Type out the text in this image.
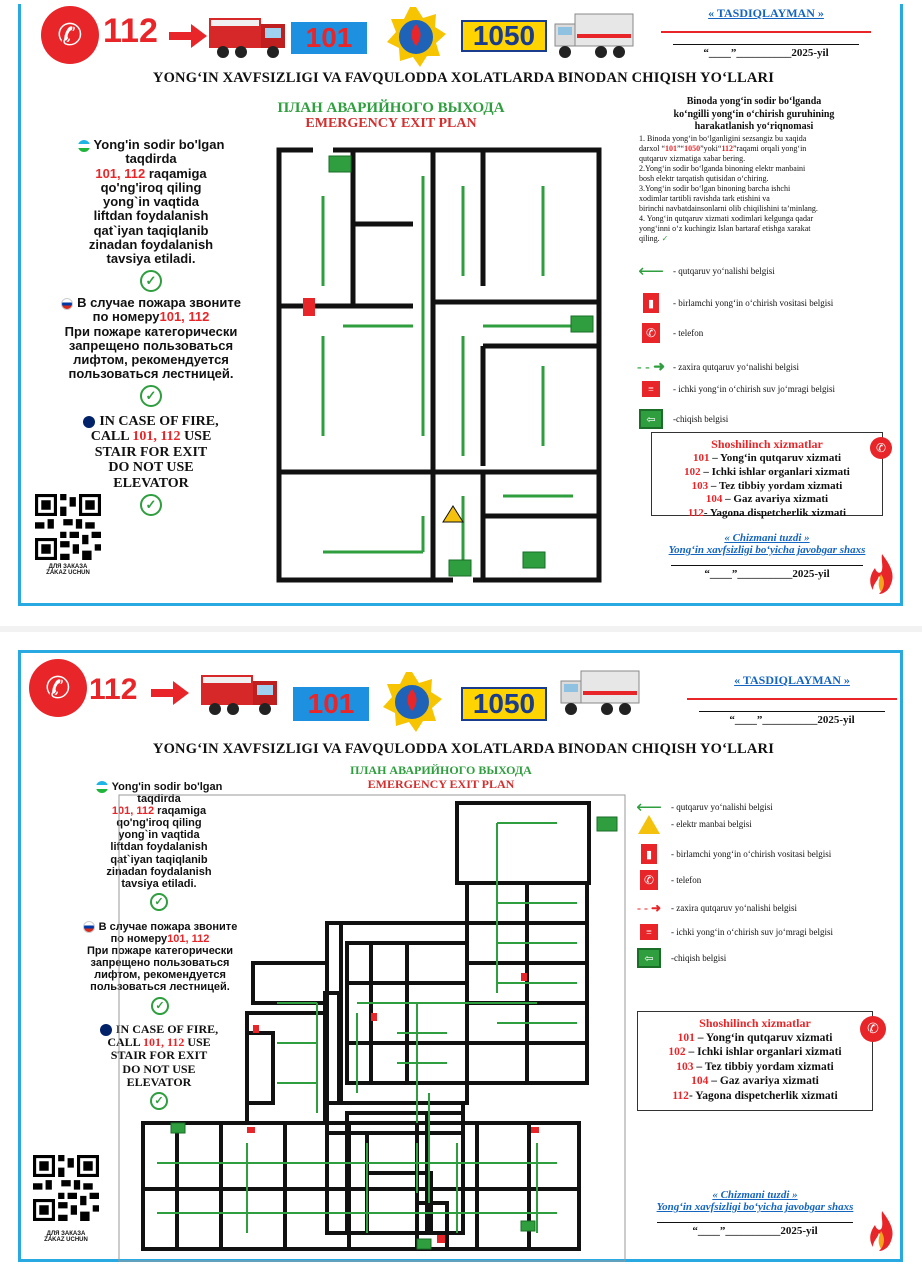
✆ 112	101	1050
« TASDIQLAYMAN »
“____”__________2025-yil
YONG‘IN XAVFSIZLIGI VA FAVQULODDA XOLATLARDA BINODAN CHIQISH YO‘LLARI
ПЛАН АВАРИЙНОГО ВЫХОДА
EMERGENCY EXIT PLAN
Yong'in sodir bo'lgan
taqdirda
101, 112 raqamiga
qo'ng'iroq qiling
yong`in vaqtida
liftdan foydalanish
qat`iyan taqiqlanib
zinadan foydalanish
tavsiya etiladi.
✓
В случае пожара звоните
по номеру101, 112
При пожаре категорически
запрещено пользоваться
лифтом, рекомендуется
пользоваться лестницей.
✓
IN CASE OF FIRE,
CALL 101, 112 USE
STAIR FOR EXIT
DO NOT USE
ELEVATOR
✓
ДЛЯ ЗАКАЗА
ZAKAZ UCHUN
Binoda yong‘in sodir bo‘lganda
ko‘ngilli yong‘in o‘chirish guruhining
harakatlanish yo‘riqnomasi
1. Binoda yong‘in bo‘lganligini sezsangiz bu xaqida
darxol “101”“1050”yoki“112”raqami orqali yong‘in
qutqaruv xizmatiga xabar bering.
2.Yong‘in sodir bo‘lganda binoning elektr manbaini
bosh elektr tarqatish qutisidan o‘chiring.
3.Yong‘in sodir bo‘lgan binoning barcha ishchi
xodimlar tartibli ravishda tark etishini va
birinchi navbatdainsonlarni olib chiqilishini ta’minlang.
4. Yong‘in qutqaruv xizmati xodimlari kelgunga qadar
yong‘inni o‘z kuchingiz Islan bartaraf etishga xarakat
qiling. ✓
⟵ - qutqaruv yo‘nalishi belgisi
▮	- birlamchi yong‘in o‘chirish vositasi belgisi
✆	- telefon
- - ➜ - zaxira qutqaruv yo‘nalishi belgisi
≡	- ichki yong‘in o‘chirish suv jo‘mragi belgisi
⇦	-chiqish belgisi
Shoshilinch xizmatlar
101 – Yong‘in qutqaruv xizmati
102 – Ichki ishlar organlari xizmati
103 – Tez tibbiy yordam xizmati
104 – Gaz avariya xizmati
112- Yagona dispetcherlik xizmati
✆
« Chizmani tuzdi »
Yong‘in xavfsizligi bo‘yicha javobgar shaxs
“____”__________2025-yil
✆ 112	101	1050
« TASDIQLAYMAN »
“____”__________2025-yil
YONG‘IN XAVFSIZLIGI VA FAVQULODDA XOLATLARDA BINODAN CHIQISH YO‘LLARI
ПЛАН АВАРИЙНОГО ВЫХОДА
EMERGENCY EXIT PLAN
Yong'in sodir bo'lgan
taqdirda
101, 112 raqamiga
qo'ng'iroq qiling
yong`in vaqtida
liftdan foydalanish
qat`iyan taqiqlanib
zinadan foydalanish
tavsiya etiladi.
✓
В случае пожара звоните
по номеру101, 112
При пожаре категорически
запрещено пользоваться
лифтом, рекомендуется
пользоваться лестницей.
✓
IN CASE OF FIRE,
CALL 101, 112 USE
STAIR FOR EXIT
DO NOT USE
ELEVATOR
✓
ДЛЯ ЗАКАЗА
ZAKAZ UCHUN
⟵ - qutqaruv yo‘nalishi belgisi
- elektr manbai belgisi
▮	- birlamchi yong‘in o‘chirish vositasi belgisi
✆	- telefon
- - ➜ - zaxira qutqaruv yo‘nalishi belgisi
≡	- ichki yong‘in o‘chirish suv jo‘mragi belgisi
⇦	-chiqish belgisi
Shoshilinch xizmatlar
101 – Yong‘in qutqaruv xizmati
102 – Ichki ishlar organlari xizmati
103 – Tez tibbiy yordam xizmati
104 – Gaz avariya xizmati
112- Yagona dispetcherlik xizmati
✆
« Chizmani tuzdi »
Yong‘in xavfsizligi bo‘yicha javobgar shaxs
“____”__________2025-yil
